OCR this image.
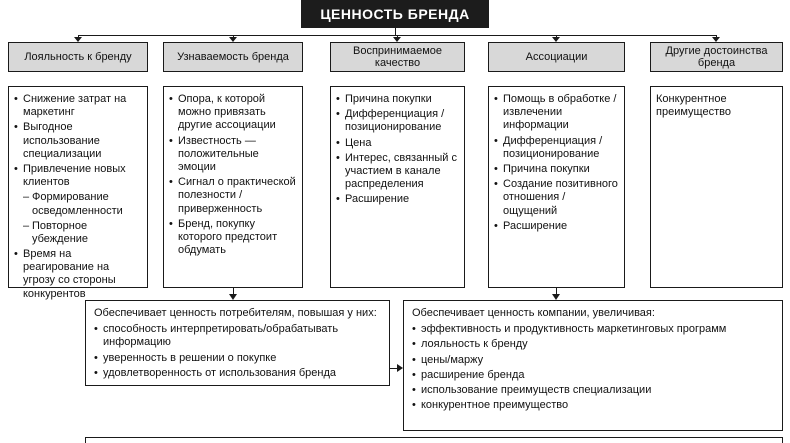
ЦЕННОСТЬ БРЕНДА
Лояльность к бренду	Узнаваемость бренда
Воспринимаемое качество
Ассоциации
Другие достоинства бренда
• Снижение затрат на маркетинг
• Выгодное использование специализации
• Привлечение новых клиентов
– Формирование осведомленности
– Повторное убеждение
• Время на реагирование на угрозу со стороны конкурентов
• Опора, к которой можно привязать другие ассоциации
• Известность — положительные эмоции
• Сигнал о практической полезности / приверженность
• Бренд, покупку которого предстоит обдумать
• Причина покупки
• Дифференциация / позиционирование
• Цена
• Интерес, связанный с участием в канале распределения
• Расширение
• Помощь в обработке / извлечении информации
• Дифференциация / позиционирование
• Причина покупки
• Создание позитивного отношения / ощущений
• Расширение
Конкурентное преимущество
Обеспечивает ценность потребителям, повышая у них:
• способность интерпретировать/обрабатывать информацию
• уверенность в решении о покупке
• удовлетворенность от использования бренда
Обеспечивает ценность компании, увеличивая:
• эффективность и продуктивность маркетинговых программ
• лояльность к бренду
• цены/маржу
• расширение бренда
• использование преимуществ специализации
• конкурентное преимущество
